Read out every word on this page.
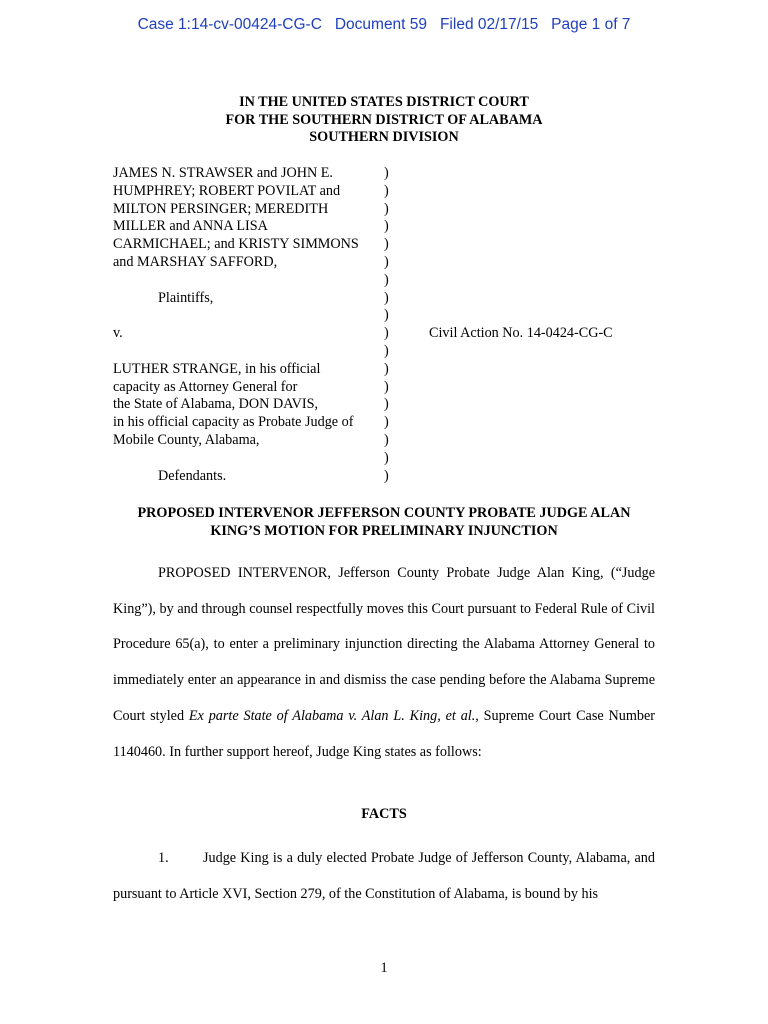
Case 1:14-cv-00424-CG-C Document 59 Filed 02/17/15 Page 1 of 7
IN THE UNITED STATES DISTRICT COURT
FOR THE SOUTHERN DISTRICT OF ALABAMA
SOUTHERN DIVISION
JAMES N. STRAWSER and JOHN E.	)
HUMPHREY; ROBERT POVILAT and	)
MILTON PERSINGER; MEREDITH	)
MILLER and ANNA LISA	)
CARMICHAEL; and KRISTY SIMMONS )
and MARSHAY SAFFORD,	)
)
Plaintiffs,	)
)
v.	)	Civil Action No. 14-0424-CG-C
)
LUTHER STRANGE, in his official	)
capacity as Attorney General for	)
the State of Alabama, DON DAVIS,	)
in his official capacity as Probate Judge of )
Mobile County, Alabama,	)
)
Defendants.	)
PROPOSED INTERVENOR JEFFERSON COUNTY PROBATE JUDGE ALAN
KING’S MOTION FOR PRELIMINARY INJUNCTION

PROPOSED INTERVENOR, Jefferson County Probate Judge Alan King, (“Judge King”), by and through counsel respectfully moves this Court pursuant to Federal Rule of Civil Procedure 65(a), to enter a preliminary injunction directing the Alabama Attorney General to immediately enter an appearance in and dismiss the case pending before the Alabama Supreme Court styled Ex parte State of Alabama v. Alan L. King, et al., Supreme Court Case Number 1140460. In further support hereof, Judge King states as follows:

FACTS

1. Judge King is a duly elected Probate Judge of Jefferson County, Alabama, and pursuant to Article XVI, Section 279, of the Constitution of Alabama, is bound by his

1
